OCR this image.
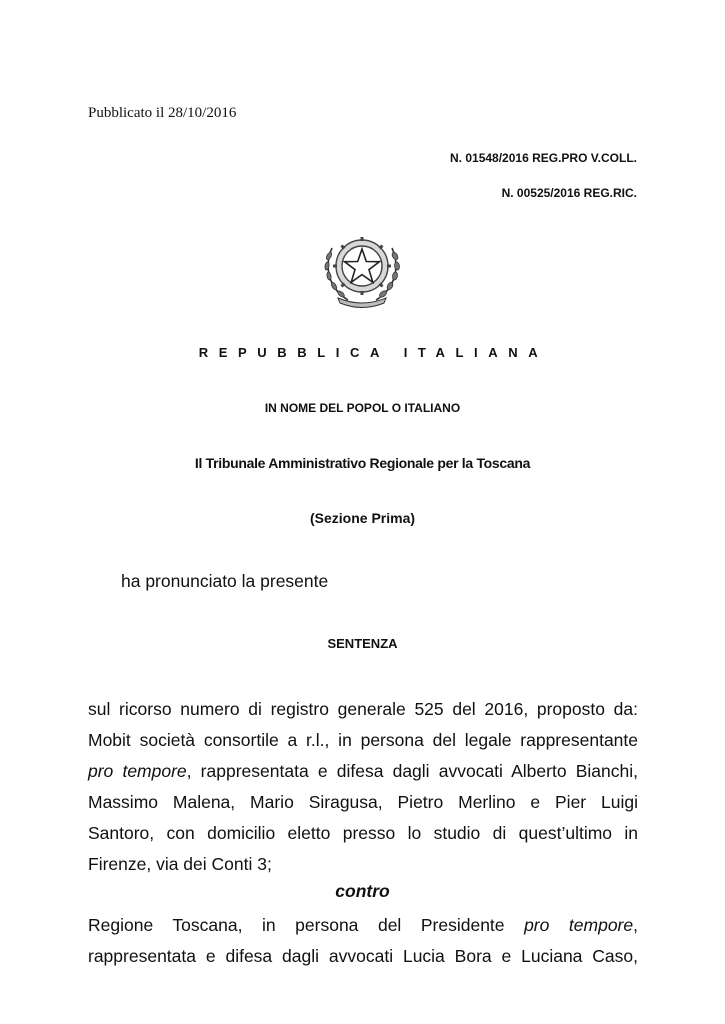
Pubblicato il 28/10/2016
N. 01548/2016 REG.PRO V.COLL.
N. 00525/2016 REG.RIC.
REPUBBLICA ITALIANA
IN NOME DEL POPOL O ITALIANO
Il Tribunale Amministrativo Regionale per la Toscana
(Sezione Prima)
ha pronunciato la presente
SENTENZA
sul ricorso numero di registro generale 525 del 2016, proposto da:
Mobit società consortile a r.l., in persona del legale rappresentante
pro tempore, rappresentata e difesa dagli avvocati Alberto Bianchi,
Massimo Malena, Mario Siragusa, Pietro Merlino e Pier Luigi
Santoro, con domicilio eletto presso lo studio di quest’ultimo in
Firenze, via dei Conti 3;
contro
Regione Toscana, in persona del Presidente pro tempore,
rappresentata e difesa dagli avvocati Lucia Bora e Luciana Caso,
